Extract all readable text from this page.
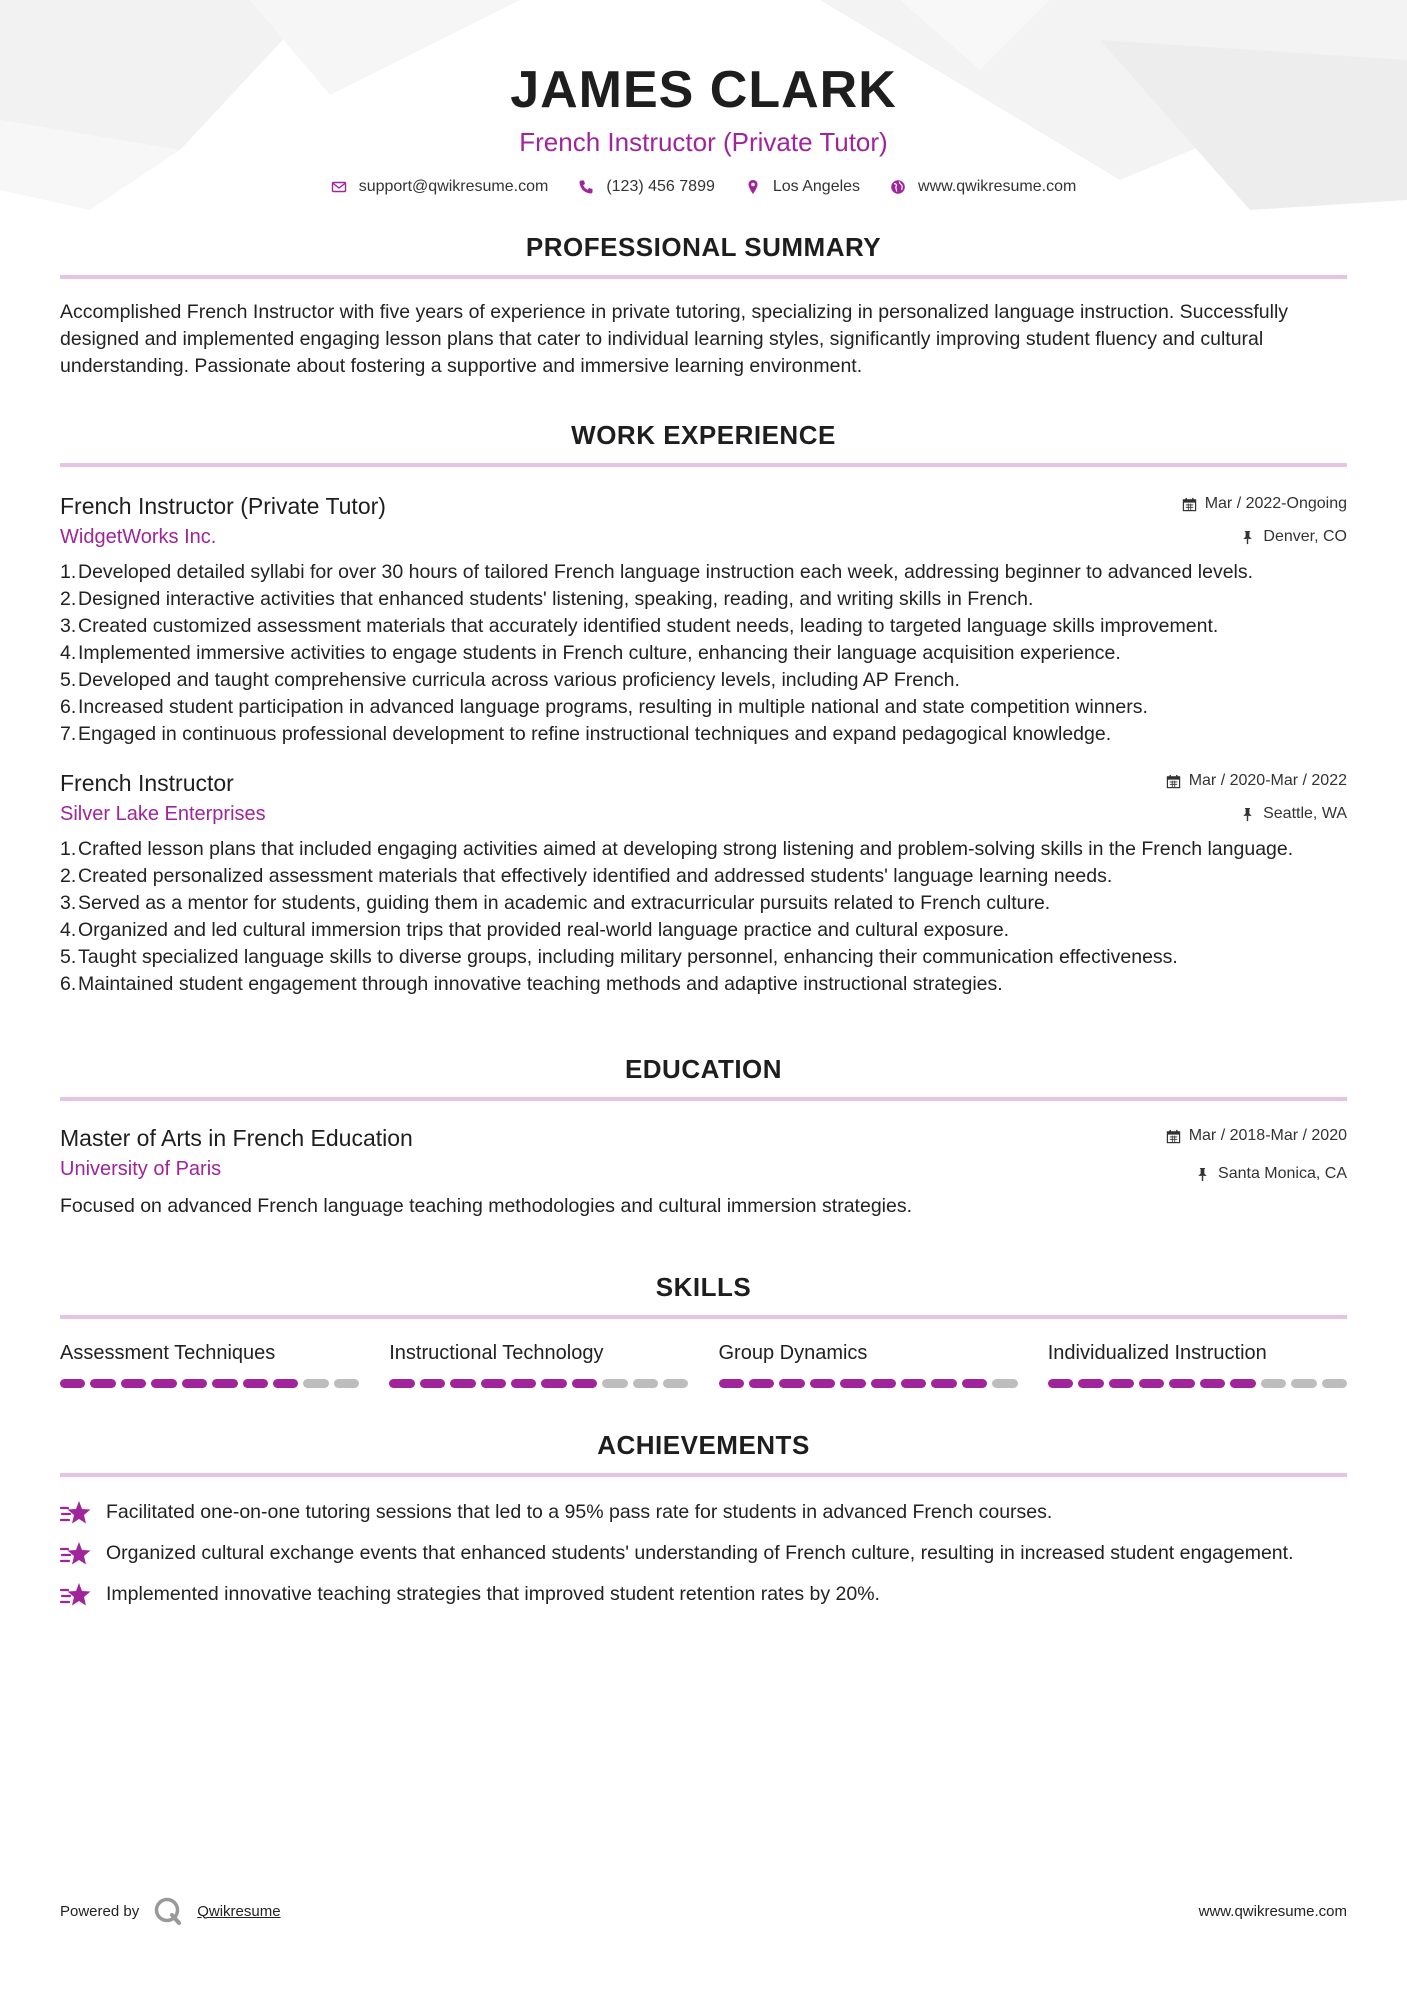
JAMES CLARK
French Instructor (Private Tutor)
support@qwikresume.com	(123) 456 7899	Los Angeles	www.qwikresume.com
PROFESSIONAL SUMMARY

Accomplished French Instructor with five years of experience in private tutoring, specializing in personalized language instruction. Successfully designed and implemented engaging lesson plans that cater to individual learning styles, significantly improving student fluency and cultural understanding. Passionate about fostering a supportive and immersive learning environment.

WORK EXPERIENCE
French Instructor (Private Tutor)
WidgetWorks Inc.
Mar / 2022-Ongoing
Denver, CO
1. Developed detailed syllabi for over 30 hours of tailored French language instruction each week, addressing beginner to advanced levels.
2. Designed interactive activities that enhanced students' listening, speaking, reading, and writing skills in French.
3. Created customized assessment materials that accurately identified student needs, leading to targeted language skills improvement.
4. Implemented immersive activities to engage students in French culture, enhancing their language acquisition experience.
5. Developed and taught comprehensive curricula across various proficiency levels, including AP French.
6. Increased student participation in advanced language programs, resulting in multiple national and state competition winners.
7. Engaged in continuous professional development to refine instructional techniques and expand pedagogical knowledge.
French Instructor
Silver Lake Enterprises
Mar / 2020-Mar / 2022
Seattle, WA
1. Crafted lesson plans that included engaging activities aimed at developing strong listening and problem-solving skills in the French language.
2. Created personalized assessment materials that effectively identified and addressed students' language learning needs.
3. Served as a mentor for students, guiding them in academic and extracurricular pursuits related to French culture.
4. Organized and led cultural immersion trips that provided real-world language practice and cultural exposure.
5. Taught specialized language skills to diverse groups, including military personnel, enhancing their communication effectiveness.
6. Maintained student engagement through innovative teaching methods and adaptive instructional strategies.
EDUCATION
Master of Arts in French Education
University of Paris
Mar / 2018-Mar / 2020
Santa Monica, CA

Focused on advanced French language teaching methodologies and cultural immersion strategies.

SKILLS
Assessment Techniques	Instructional Technology	Group Dynamics	Individualized Instruction
ACHIEVEMENTS
Facilitated one-on-one tutoring sessions that led to a 95% pass rate for students in advanced French courses.
Organized cultural exchange events that enhanced students' understanding of French culture, resulting in increased student engagement.
Implemented innovative teaching strategies that improved student retention rates by 20%.
Powered by	Qwikresume	www.qwikresume.com
